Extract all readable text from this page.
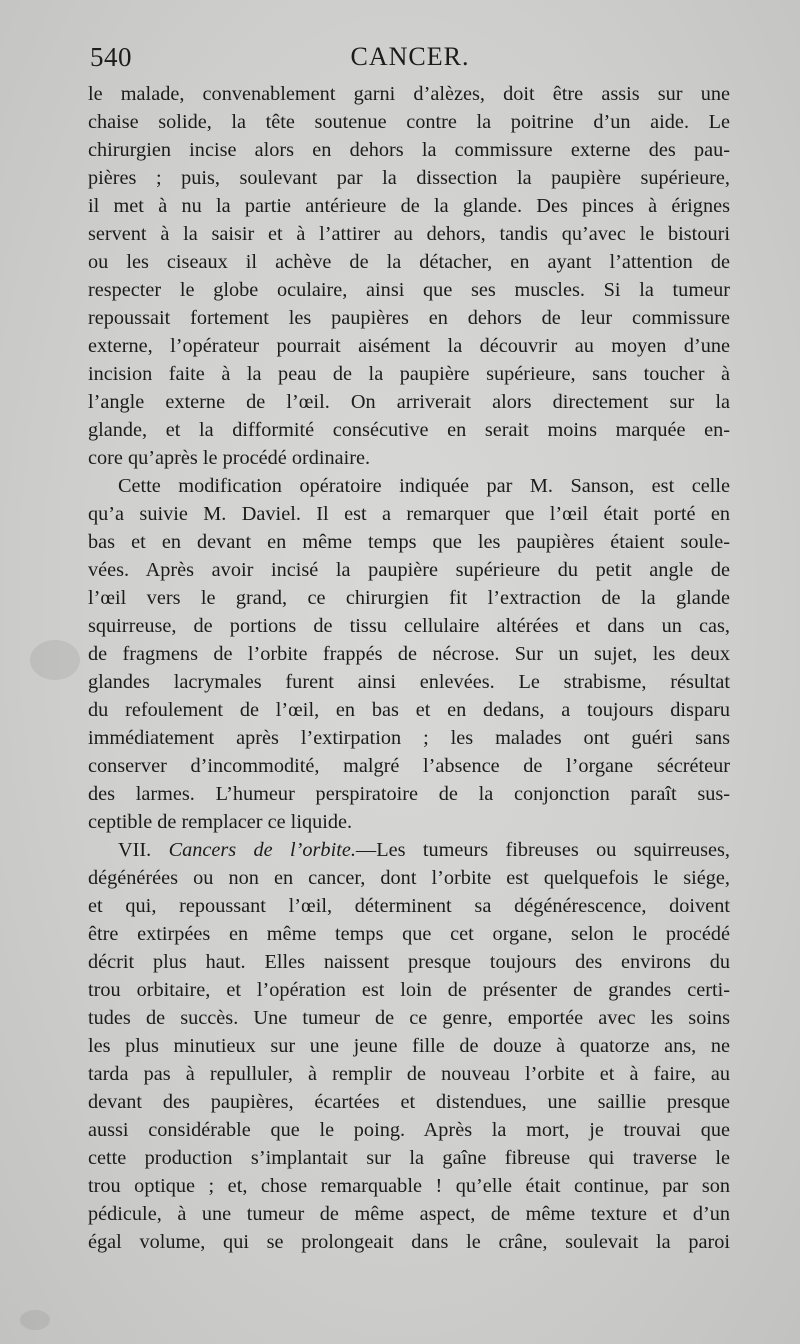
540	CANCER.
le malade, convenablement garni d’alèzes, doit être assis sur une
chaise solide, la tête soutenue contre la poitrine d’un aide. Le
chirurgien incise alors en dehors la commissure externe des pau-
pières ; puis, soulevant par la dissection la paupière supérieure,
il met à nu la partie antérieure de la glande. Des pinces à érignes
servent à la saisir et à l’attirer au dehors, tandis qu’avec le bistouri
ou les ciseaux il achève de la détacher, en ayant l’attention de
respecter le globe oculaire, ainsi que ses muscles. Si la tumeur
repoussait fortement les paupières en dehors de leur commissure
externe, l’opérateur pourrait aisément la découvrir au moyen d’une
incision faite à la peau de la paupière supérieure, sans toucher à
l’angle externe de l’œil. On arriverait alors directement sur la
glande, et la difformité consécutive en serait moins marquée en-
core qu’après le procédé ordinaire.
Cette modification opératoire indiquée par M. Sanson, est celle
qu’a suivie M. Daviel. Il est a remarquer que l’œil était porté en
bas et en devant en même temps que les paupières étaient soule-
vées. Après avoir incisé la paupière supérieure du petit angle de
l’œil vers le grand, ce chirurgien fit l’extraction de la glande
squirreuse, de portions de tissu cellulaire altérées et dans un cas,
de fragmens de l’orbite frappés de nécrose. Sur un sujet, les deux
glandes lacrymales furent ainsi enlevées. Le strabisme, résultat
du refoulement de l’œil, en bas et en dedans, a toujours disparu
immédiatement après l’extirpation ; les malades ont guéri sans
conserver d’incommodité, malgré l’absence de l’organe sécréteur
des larmes. L’humeur perspiratoire de la conjonction paraît sus-
ceptible de remplacer ce liquide.
VII. Cancers de l’orbite.—Les tumeurs fibreuses ou squirreuses,
dégénérées ou non en cancer, dont l’orbite est quelquefois le siége,
et qui, repoussant l’œil, déterminent sa dégénérescence, doivent
être extirpées en même temps que cet organe, selon le procédé
décrit plus haut. Elles naissent presque toujours des environs du
trou orbitaire, et l’opération est loin de présenter de grandes certi-
tudes de succès. Une tumeur de ce genre, emportée avec les soins
les plus minutieux sur une jeune fille de douze à quatorze ans, ne
tarda pas à repulluler, à remplir de nouveau l’orbite et à faire, au
devant des paupières, écartées et distendues, une saillie presque
aussi considérable que le poing. Après la mort, je trouvai que
cette production s’implantait sur la gaîne fibreuse qui traverse le
trou optique ; et, chose remarquable ! qu’elle était continue, par son
pédicule, à une tumeur de même aspect, de même texture et d’un
égal volume, qui se prolongeait dans le crâne, soulevait la paroi
